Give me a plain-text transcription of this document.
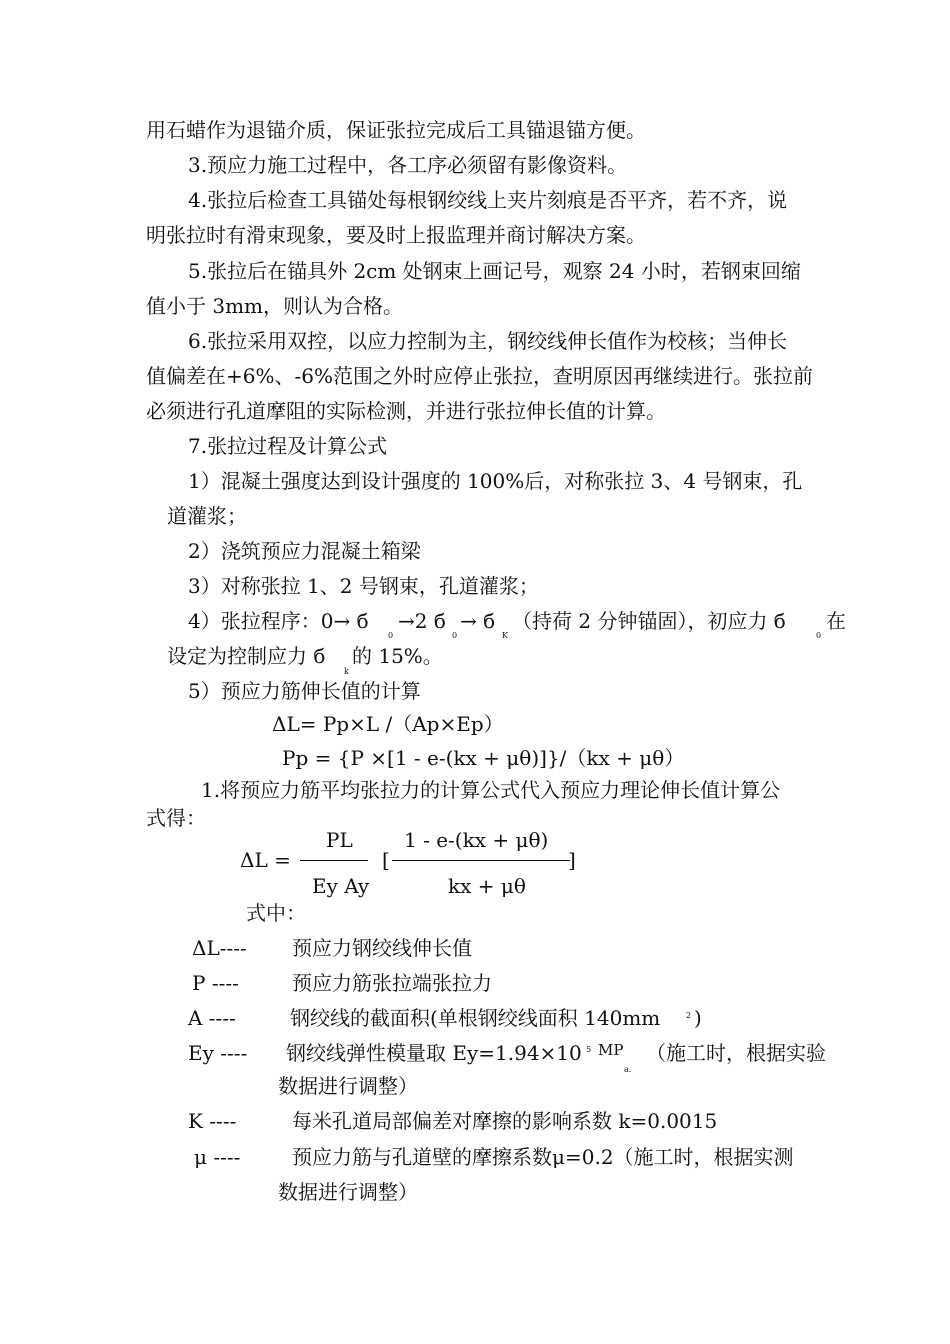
用石蜡作为退锚介质，保证张拉完成后工具锚退锚方便。
3.预应力施工过程中，各工序必须留有影像资料。
4.张拉后检查工具锚处每根钢绞线上夹片刻痕是否平齐，若不齐，说
明张拉时有滑束现象，要及时上报监理并商讨解决方案。
5.张拉后在锚具外 2cm 处钢束上画记号，观察 24 小时，若钢束回缩
值小于 3mm，则认为合格。
6.张拉采用双控，以应力控制为主，钢绞线伸长值作为校核；当伸长
值偏差在+6%、-6%范围之外时应停止张拉，查明原因再继续进行。张拉前
必须进行孔道摩阻的实际检测，并进行张拉伸长值的计算。
7.张拉过程及计算公式
1）混凝土强度达到设计强度的 100%后，对称张拉 3、4 号钢束，孔
道灌浆；
2）浇筑预应力混凝土箱梁
3）对称张拉 1、2 号钢束，孔道灌浆；
4）张拉程序：0→ б
0
→2 б
0
→ б
K
（持荷 2 分钟锚固），初应力 б
0
在
设定为控制应力 б
k
的 15%。
5）预应力筋伸长值的计算
ΔL= Pp×L /（Ap×Ep）
Pp = {P ×[1 - e-(kx + μθ)]}/（kx + μθ）
1.将预应力筋平均张拉力的计算公式代入预应力理论伸长值计算公
式得：
ΔL =
PL
Ey Ay
[
1 - e-(kx + μθ)
kx + μθ
]
式中：
ΔL---- 预应力钢绞线伸长值
P ----	预应力筋张拉端张拉力
A ----	钢绞线的截面积(单根钢绞线面积 140mm	2 )
Ey ---- 钢绞线弹性模量取 Ey=1.94×10 5 MP
a.
（施工时，根据实验
数据进行调整）
K ----	每米孔道局部偏差对摩擦的影响系数 k=0.0015
μ ----	预应力筋与孔道壁的摩擦系数μ=0.2（施工时，根据实测
数据进行调整）
